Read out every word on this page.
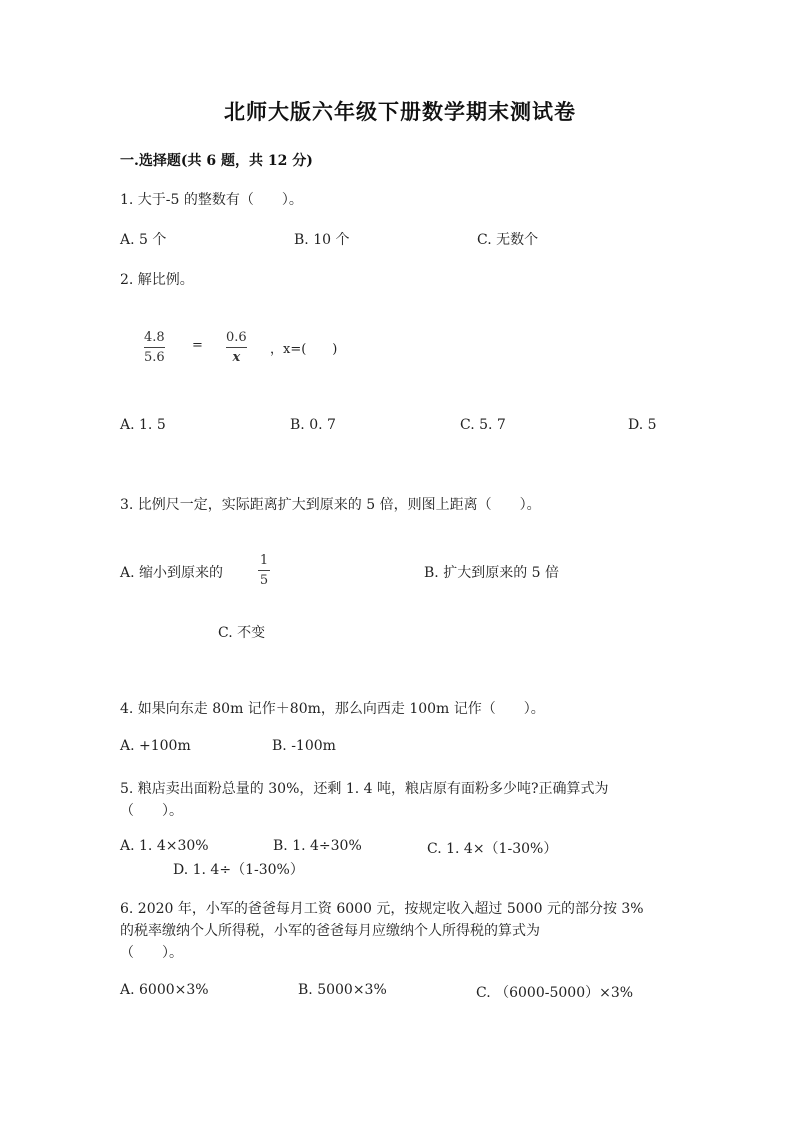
北师大版六年级下册数学期末测试卷
一.选择题(共 6 题，共 12 分)
1. 大于-5 的整数有（　　）。
A. 5 个	B. 10 个	C. 无数个
2. 解比例。
4.8
5.6
=
0.6
x
，x=(　　)
A. 1. 5	B. 0. 7	C. 5. 7	D. 5
3. 比例尺一定，实际距离扩大到原来的 5 倍，则图上距离（　　）。
A. 缩小到原来的
1
5	B. 扩大到原来的 5 倍
C. 不变
4. 如果向东走 80m 记作＋80m，那么向西走 100m 记作（　　）。
A. +100m	B. -100m
5. 粮店卖出面粉总量的 30%，还剩 1. 4 吨，粮店原有面粉多少吨?正确算式为
（　　）。
A. 1. 4×30%	B. 1. 4÷30%	C. 1. 4×（1-30%）
D. 1. 4÷（1-30%）
6. 2020 年，小军的爸爸每月工资 6000 元，按规定收入超过 5000 元的部分按 3%
的税率缴纳个人所得税，小军的爸爸每月应缴纳个人所得税的算式为
（　　）。
A. 6000×3%	B. 5000×3%	C. （6000-5000）×3%
